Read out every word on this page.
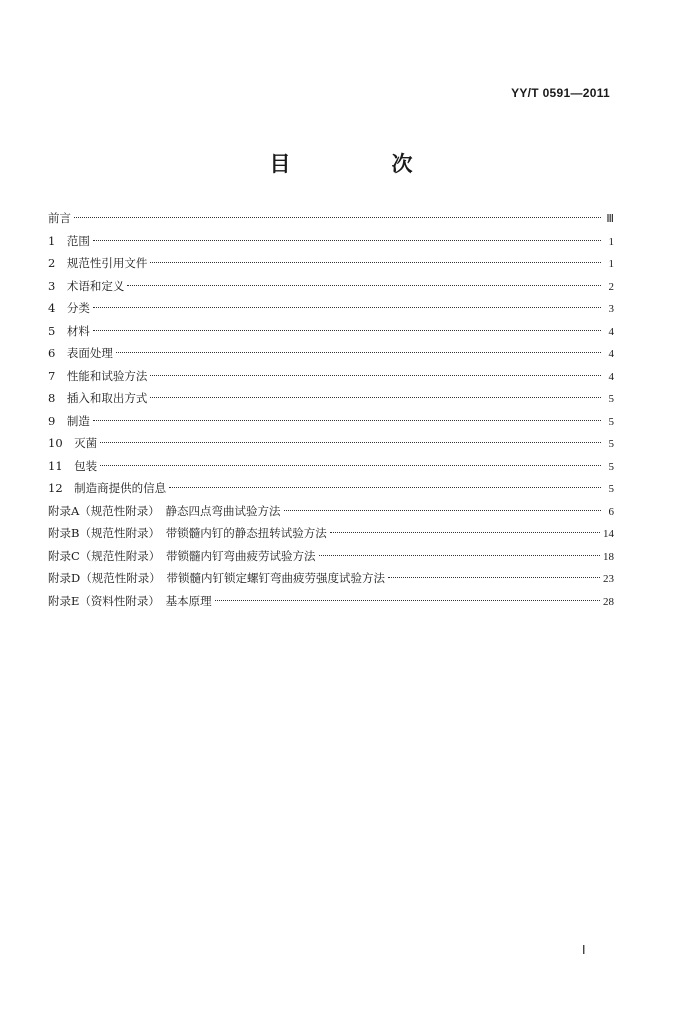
YY/T 0591—2011
目　次
前言	Ⅲ
1　范围	1
2　规范性引用文件	1
3　术语和定义	2
4　分类	3
5　材料	4
6　表面处理	4
7　性能和试验方法	4
8　插入和取出方式	5
9　制造	5
10　灭菌	5
11　包装	5
12　制造商提供的信息	5
附录A（规范性附录）　静态四点弯曲试验方法	6
附录B（规范性附录）　带锁髓内钉的静态扭转试验方法	14
附录C（规范性附录）　带锁髓内钉弯曲疲劳试验方法	18
附录D（规范性附录）　带锁髓内钉锁定螺钉弯曲疲劳强度试验方法	23
附录E（资料性附录）　基本原理	28
Ⅰ
